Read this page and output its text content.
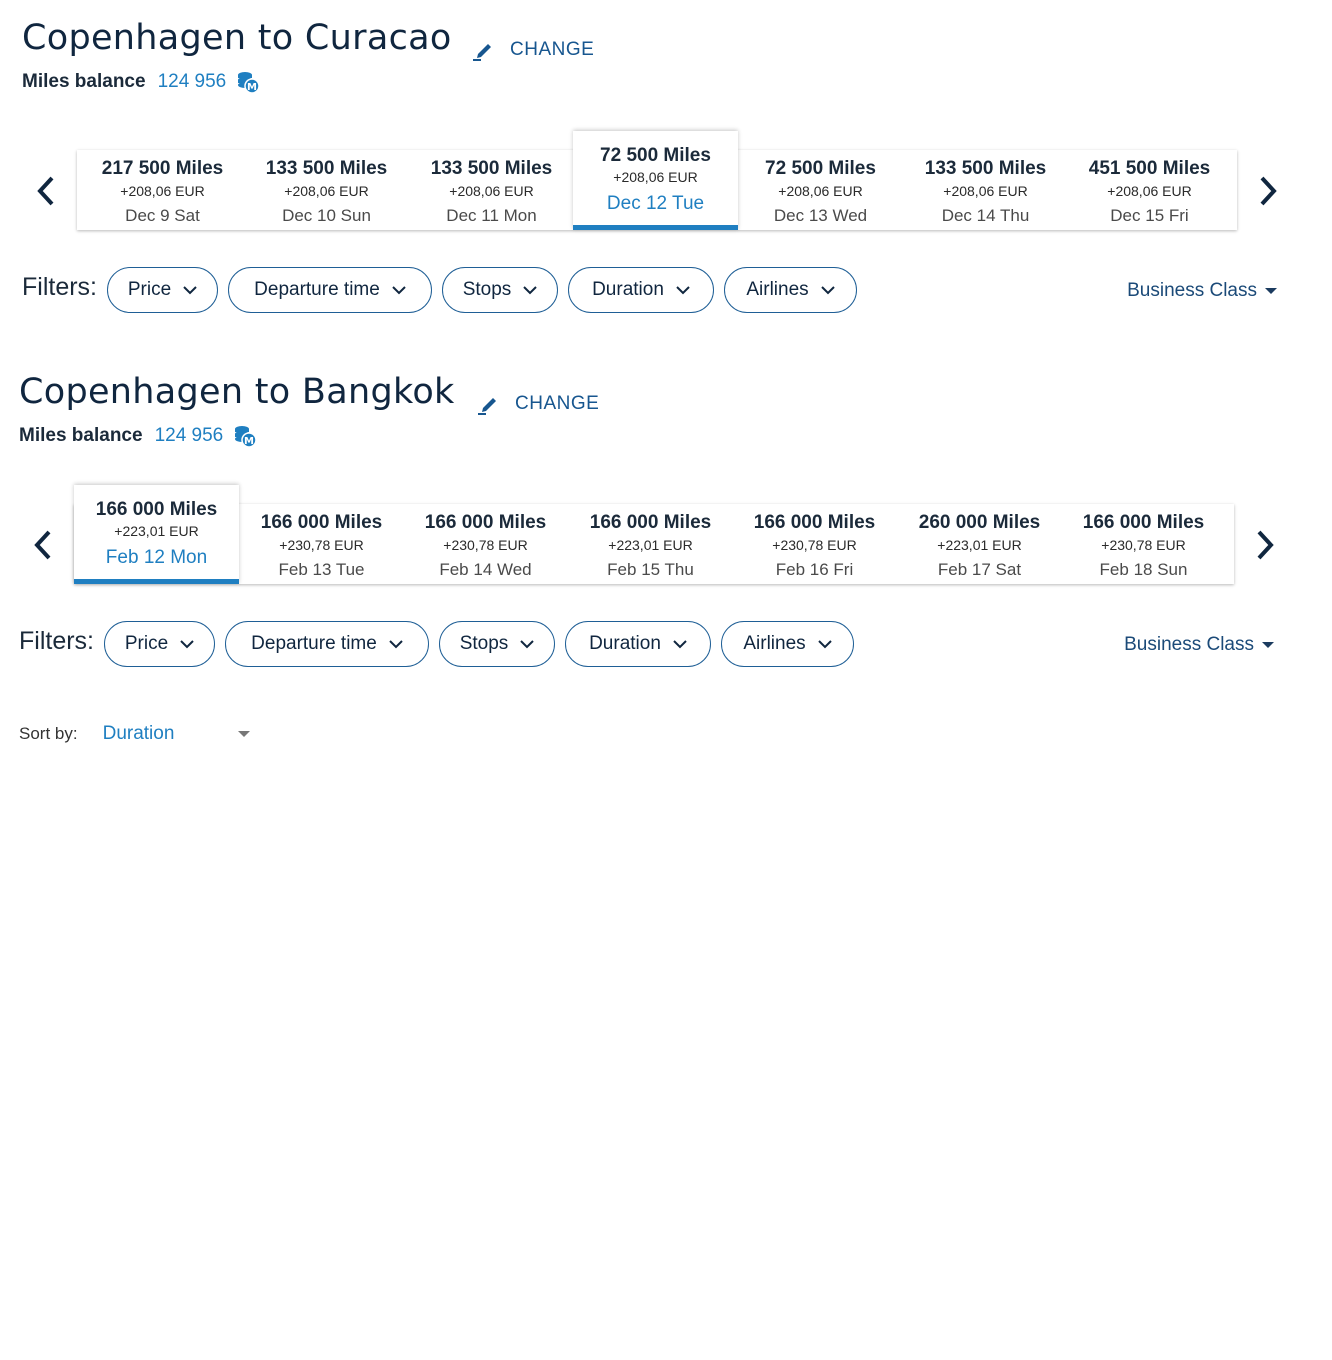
Copenhagen to Curacao	CHANGE
Miles balance 124 956 M
217 500 Miles
+208,06 EUR
Dec 9 Sat
133 500 Miles
+208,06 EUR
Dec 10 Sun
133 500 Miles
+208,06 EUR
Dec 11 Mon
72 500 Miles
+208,06 EUR
Dec 12 Tue
72 500 Miles
+208,06 EUR
Dec 13 Wed
133 500 Miles
+208,06 EUR
Dec 14 Thu
451 500 Miles
+208,06 EUR
Dec 15 Fri
Filters: Price	Departure time	Stops	Duration	Airlines	Business Class
Copenhagen to Bangkok	CHANGE
Miles balance 124 956 M
166 000 Miles
+223,01 EUR
Feb 12 Mon
166 000 Miles
+230,78 EUR
Feb 13 Tue
166 000 Miles
+230,78 EUR
Feb 14 Wed
166 000 Miles
+223,01 EUR
Feb 15 Thu
166 000 Miles
+230,78 EUR
Feb 16 Fri
260 000 Miles
+223,01 EUR
Feb 17 Sat
166 000 Miles
+230,78 EUR
Feb 18 Sun
Filters: Price	Departure time	Stops	Duration	Airlines	Business Class
Sort by: Duration
